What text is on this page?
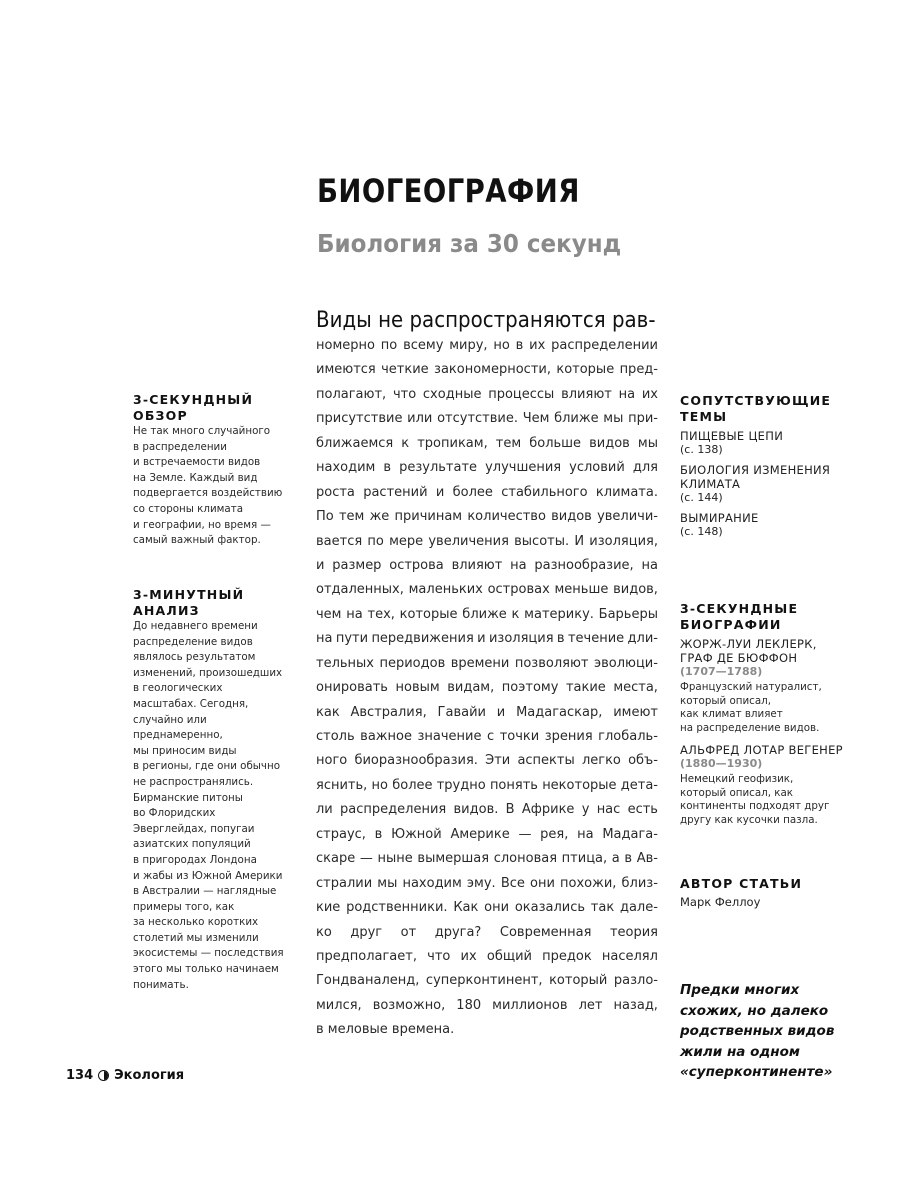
БИОГЕОГРАФИЯ
Биология за 30 секунд

Виды не распространяются рав-

номерно по всему миру, но в их распределении
имеются четкие закономерности, которые пред-
полагают, что сходные процессы влияют на их
присутствие или отсутствие. Чем ближе мы при-
ближаемся к тропикам, тем больше видов мы
находим в результате улучшения условий для
роста растений и более стабильного климата.
По тем же причинам количество видов увеличи-
вается по мере увеличения высоты. И изоляция,
и размер острова влияют на разнообразие, на
отдаленных, маленьких островах меньше видов,
чем на тех, которые ближе к материку. Барьеры
на пути передвижения и изоляция в течение дли-
тельных периодов времени позволяют эволюци-
онировать новым видам, поэтому такие места,
как Австралия, Гавайи и Мадагаскар, имеют
столь важное значение с точки зрения глобаль-
ного биоразнообразия. Эти аспекты легко объ-
яснить, но более трудно понять некоторые дета-
ли распределения видов. В Африке у нас есть
страус, в Южной Америке — рея, на Мадага-
скаре — ныне вымершая слоновая птица, а в Ав-
стралии мы находим эму. Все они похожи, близ-
кие родственники. Как они оказались так дале-
ко друг от друга? Современная теория
предполагает, что их общий предок населял
Гондваналенд, суперконтинент, который разло-
мился, возможно, 180 миллионов лет назад,
в меловые времена.
3-СЕКУНДНЫЙ
ОБЗОР
Не так много случайного
в распределении
и встречаемости видов
на Земле. Каждый вид
подвергается воздействию
со стороны климата
и географии, но время —
самый важный фактор.
3-МИНУТНЫЙ
АНАЛИЗ
До недавнего времени
распределение видов
являлось результатом
изменений, произошедших
в геологических
масштабах. Сегодня,
случайно или
преднамеренно,
мы приносим виды
в регионы, где они обычно
не распространялись.
Бирманские питоны
во Флоридских
Эверглейдах, попугаи
азиатских популяций
в пригородах Лондона
и жабы из Южной Америки
в Австралии — наглядные
примеры того, как
за несколько коротких
столетий мы изменили
экосистемы — последствия
этого мы только начинаем
понимать.
СОПУТСТВУЮЩИЕ
ТЕМЫ
ПИЩЕВЫЕ ЦЕПИ
(с. 138)
БИОЛОГИЯ ИЗМЕНЕНИЯ
КЛИМАТА
(с. 144)
ВЫМИРАНИЕ
(с. 148)
3-СЕКУНДНЫЕ
БИОГРАФИИ
ЖОРЖ-ЛУИ ЛЕКЛЕРК,
ГРАФ ДЕ БЮФФОН
(1707—1788)
Французский натуралист,
который описал,
как климат влияет
на распределение видов.
АЛЬФРЕД ЛОТАР ВЕГЕНЕР
(1880—1930)
Немецкий геофизик,
который описал, как
континенты подходят друг
другу как кусочки пазла.
АВТОР СТАТЬИ
Марк Феллоу
Предки многих
схожих, но далеко
родственных видов
жили на одном
«суперконтиненте»
134 Экология
